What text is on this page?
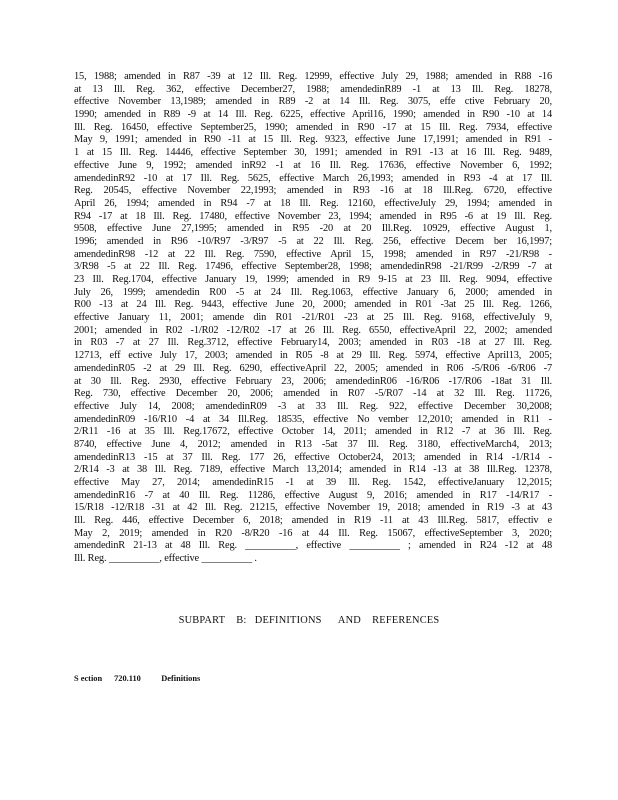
15, 1988; amended in R87 -39 at 12 Ill. Reg. 12999, effective July 29, 1988; amended in R88 -16
at 13 Ill. Reg. 362, effective December27, 1988; amendedinR89 -1 at 13 Ill. Reg. 18278,
effective November 13,1989; amended in R89 -2 at 14 Ill. Reg. 3075, effe ctive February 20,
1990; amended in R89 -9 at 14 Ill. Reg. 6225, effective April16, 1990; amended in R90 -10 at 14
Ill. Reg. 16450, effective September25, 1990; amended in R90 -17 at 15 Ill. Reg. 7934, effective
May 9, 1991; amended in R90 -11 at 15 Ill. Reg. 9323, effective June 17,1991; amended in R91 -
1 at 15 Ill. Reg. 14446, effective September 30, 1991; amended in R91 -13 at 16 Ill. Reg. 9489,
effective June 9, 1992; amended inR92 -1 at 16 Ill. Reg. 17636, effective November 6, 1992;
amendedinR92 -10 at 17 Ill. Reg. 5625, effective March 26,1993; amended in R93 -4 at 17 Ill.
Reg. 20545, effective November 22,1993; amended in R93 -16 at 18 Ill.Reg. 6720, effective
April 26, 1994; amended in R94 -7 at 18 Ill. Reg. 12160, effectiveJuly 29, 1994; amended in
R94 -17 at 18 Ill. Reg. 17480, effective November 23, 1994; amended in R95 -6 at 19 Ill. Reg.
9508, effective June 27,1995; amended in R95 -20 at 20 Ill.Reg. 10929, effective August 1,
1996; amended in R96 -10/R97 -3/R97 -5 at 22 Ill. Reg. 256, effective Decem ber 16,1997;
amendedinR98 -12 at 22 Ill. Reg. 7590, effective April 15, 1998; amended in R97 -21/R98 -
3/R98 -5 at 22 Ill. Reg. 17496, effective September28, 1998; amendedinR98 -21/R99 -2/R99 -7 at
23 Ill. Reg.1704, effective January 19, 1999; amended in R9 9-15 at 23 Ill. Reg. 9094, effective
July 26, 1999; amendedin R00 -5 at 24 Ill. Reg.1063, effective January 6, 2000; amended in
R00 -13 at 24 Ill. Reg. 9443, effective June 20, 2000; amended in R01 -3at 25 Ill. Reg. 1266,
effective January 11, 2001; amende din R01 -21/R01 -23 at 25 Ill. Reg. 9168, effectiveJuly 9,
2001; amended in R02 -1/R02 -12/R02 -17 at 26 Ill. Reg. 6550, effectiveApril 22, 2002; amended
in R03 -7 at 27 Ill. Reg.3712, effective February14, 2003; amended in R03 -18 at 27 Ill. Reg.
12713, eff ective July 17, 2003; amended in R05 -8 at 29 Ill. Reg. 5974, effective April13, 2005;
amendedinR05 -2 at 29 Ill. Reg. 6290, effectiveApril 22, 2005; amended in R06 -5/R06 -6/R06 -7
at 30 Ill. Reg. 2930, effective February 23, 2006; amendedinR06 -16/R06 -17/R06 -18at 31 Ill.
Reg. 730, effective December 20, 2006; amended in R07 -5/R07 -14 at 32 Ill. Reg. 11726,
effective July 14, 2008; amendedinR09 -3 at 33 Ill. Reg. 922, effective December 30,2008;
amendedinR09 -16/R10 -4 at 34 Ill.Reg. 18535, effective No vember 12,2010; amended in R11 -
2/R11 -16 at 35 Ill. Reg.17672, effective October 14, 2011; amended in R12 -7 at 36 Ill. Reg.
8740, effective June 4, 2012; amended in R13 -5at 37 Ill. Reg. 3180, effectiveMarch4, 2013;
amendedinR13 -15 at 37 Ill. Reg. 177 26, effective October24, 2013; amended in R14 -1/R14 -
2/R14 -3 at 38 Ill. Reg. 7189, effective March 13,2014; amended in R14 -13 at 38 Ill.Reg. 12378,
effective May 27, 2014; amendedinR15 -1 at 39 Ill. Reg. 1542, effectiveJanuary 12,2015;
amendedinR16 -7 at 40 Ill. Reg. 11286, effective August 9, 2016; amended in R17 -14/R17 -
15/R18 -12/R18 -31 at 42 Ill. Reg. 21215, effective November 19, 2018; amended in R19 -3 at 43
Ill. Reg. 446, effective December 6, 2018; amended in R19 -11 at 43 Ill.Reg. 5817, effectiv e
May 2, 2019; amended in R20 -8/R20 -16 at 44 Ill. Reg. 15067, effectiveSeptember 3, 2020;
amendedinR 21-13 at 48 Ill. Reg. __________, effective __________ ; amended in R24 -12 at 48
Ill. Reg. __________, effective __________ .
SUBPART    B:   DEFINITIONS      AND    REFERENCES
S ection 720.110 Definitions
